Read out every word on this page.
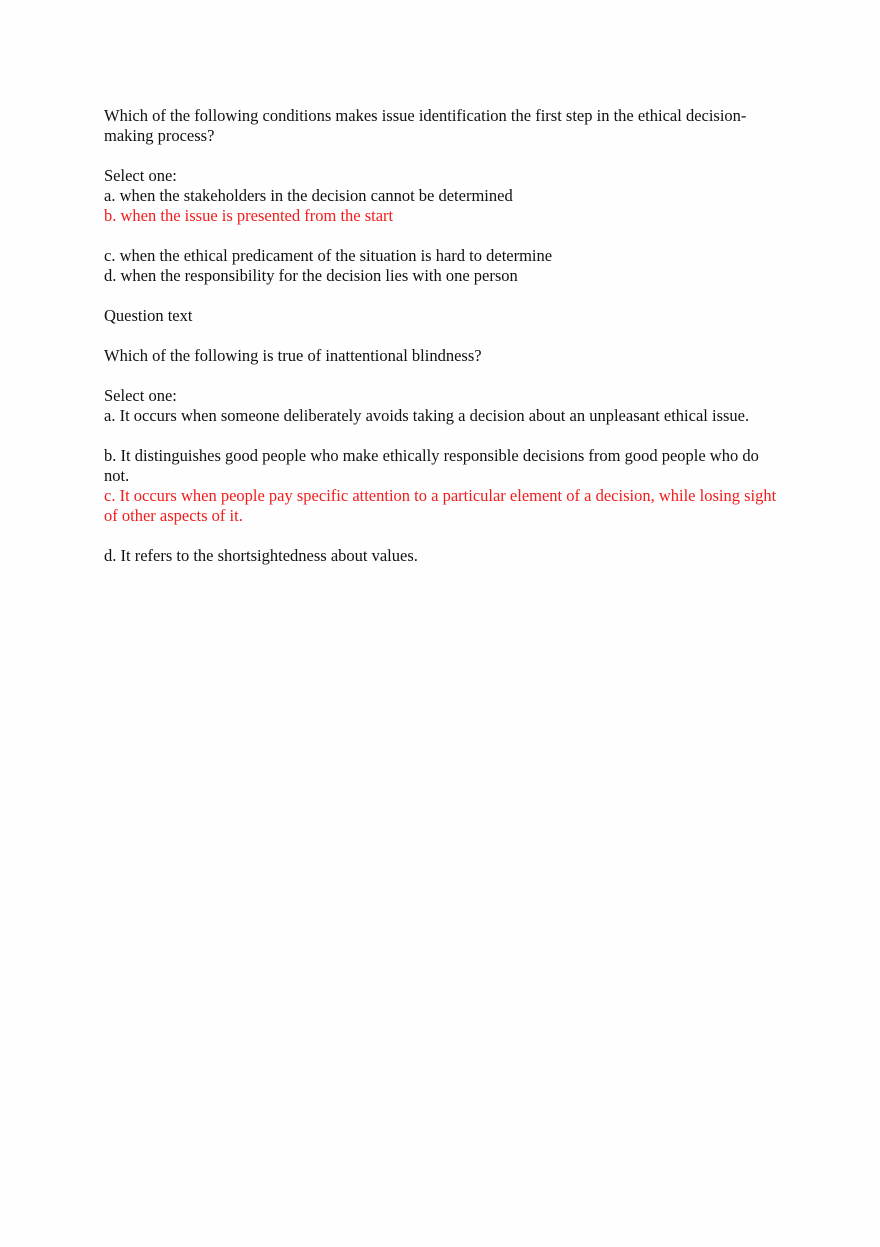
Which of the following conditions makes issue identification the first step in the ethical decision-making process?

Select one:

a. when the stakeholders in the decision cannot be determined

b. when the issue is presented from the start

c. when the ethical predicament of the situation is hard to determine

d. when the responsibility for the decision lies with one person

Question text

Which of the following is true of inattentional blindness?

Select one:

a. It occurs when someone deliberately avoids taking a decision about an unpleasant ethical issue.

b. It distinguishes good people who make ethically responsible decisions from good people who do not.

c. It occurs when people pay specific attention to a particular element of a decision, while losing sight of other aspects of it.

d. It refers to the shortsightedness about values.
